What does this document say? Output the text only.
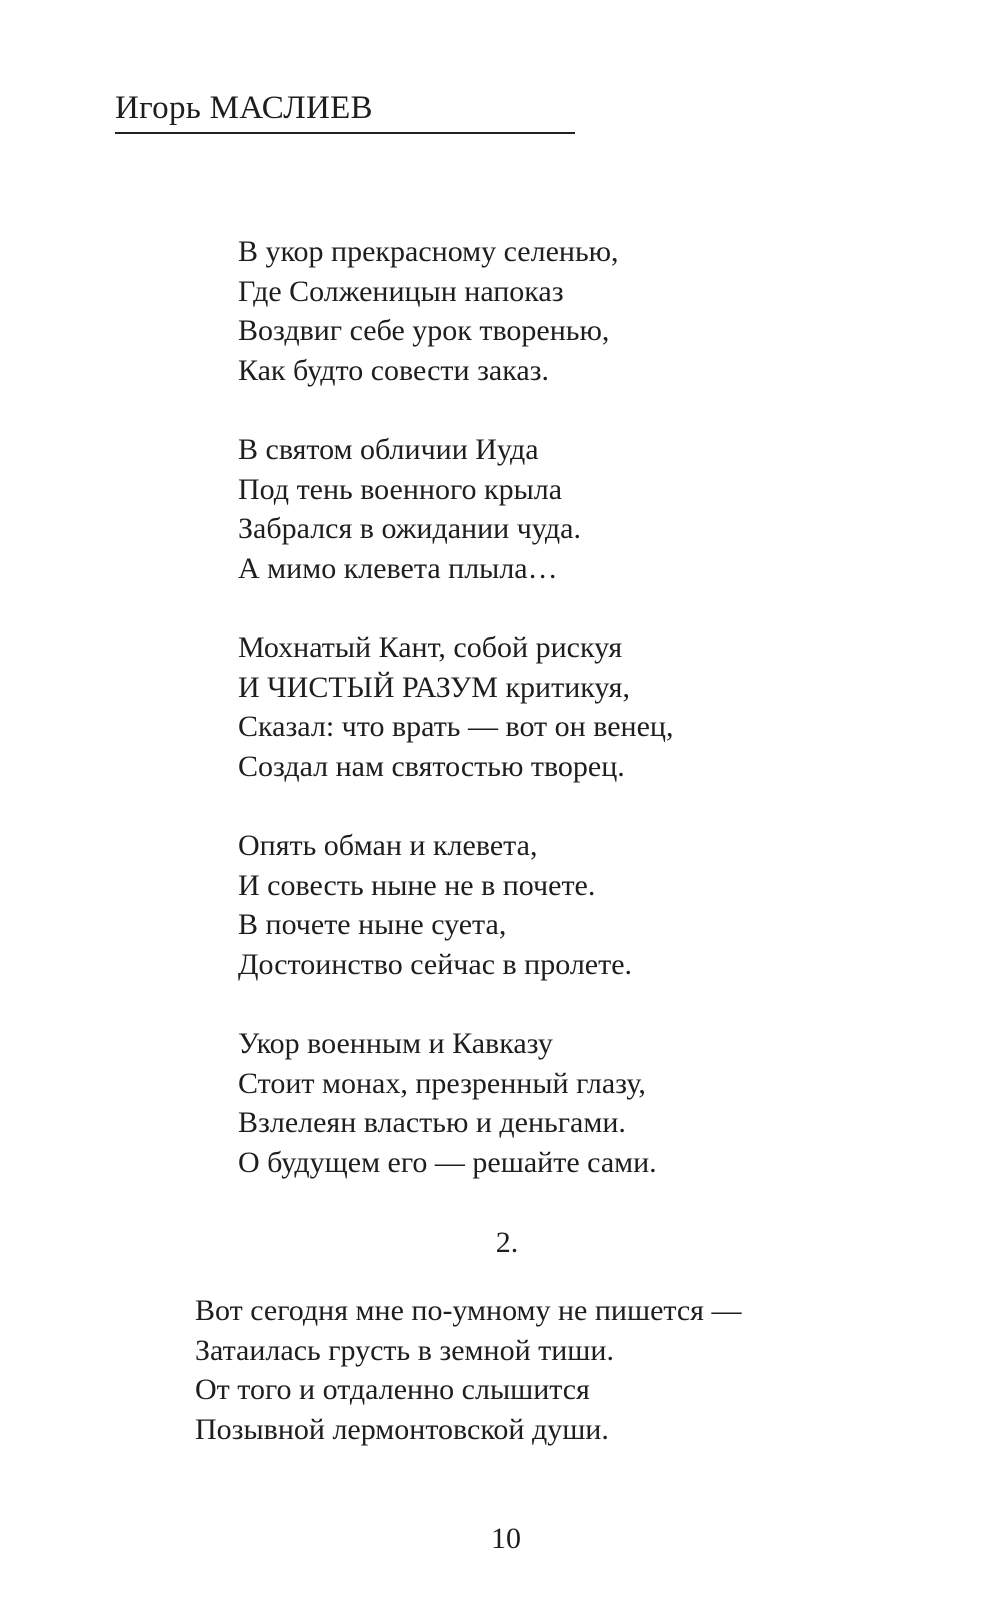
Игорь МАСЛИЕВ
В укор прекрасному селенью,
Где Солженицын напоказ
Воздвиг себе урок творенью,
Как будто совести заказ.
В святом обличии Иуда
Под тень военного крыла
Забрался в ожидании чуда.
А мимо клевета плыла…
Мохнатый Кант, собой рискуя
И ЧИСТЫЙ РАЗУМ критикуя,
Сказал: что врать — вот он венец,
Создал нам святостью творец.
Опять обман и клевета,
И совесть ныне не в почете.
В почете ныне суета,
Достоинство сейчас в пролете.
Укор военным и Кавказу
Стоит монах, презренный глазу,
Взлелеян властью и деньгами.
О будущем его — решайте сами.
2.
Вот сегодня мне по-умному не пишется —
Затаилась грусть в земной тиши.
От того и отдаленно слышится
Позывной лермонтовской души.
10
